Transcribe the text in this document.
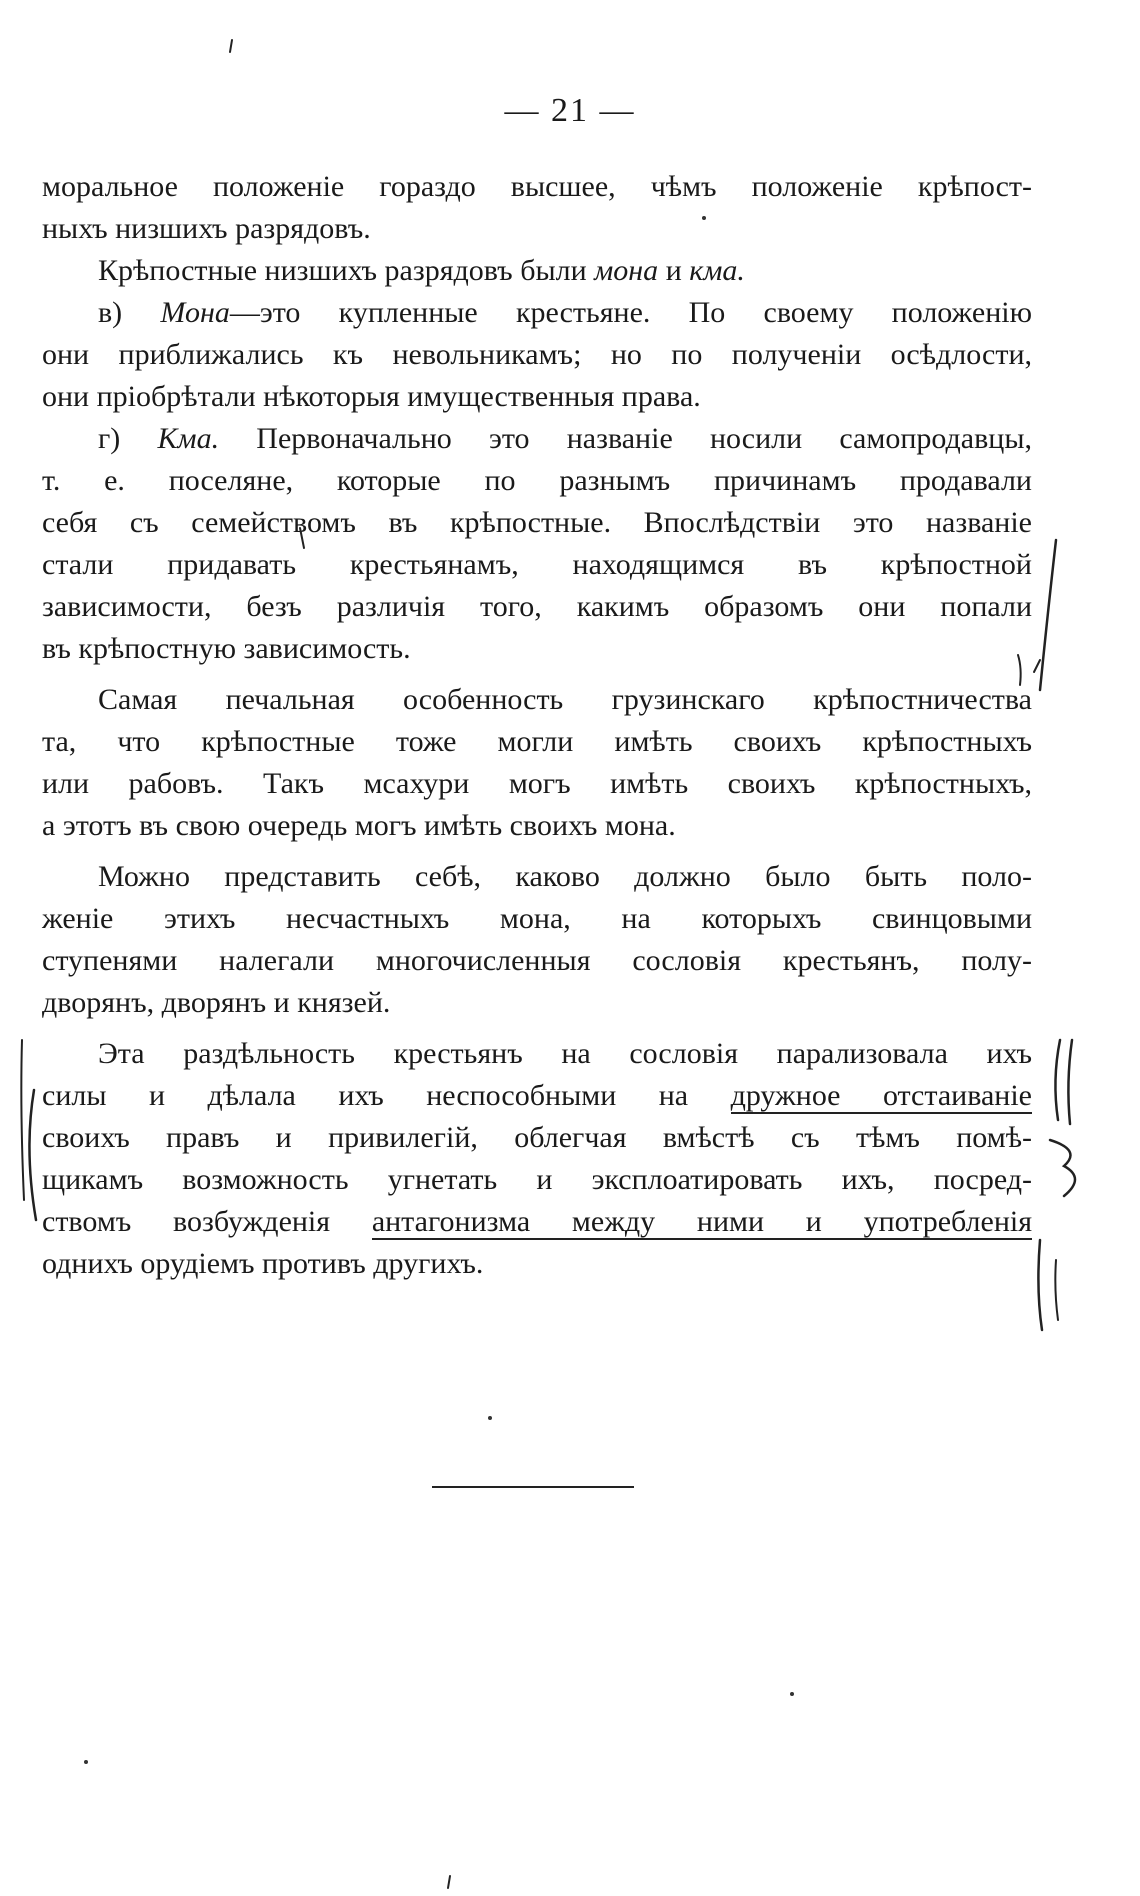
— 21 —
моральное положенie гораздо высшее, чѣмъ положенie крѣпост-
ныхъ низшихъ разрядовъ.
Крѣпостные низшихъ разрядовъ были мона и кма.
в) Мона—это купленные крестьяне. По своему положенiю
они приближались къ невольникамъ; но по полученiи осѣдлости,
они прiобрѣтали нѣкоторыя имущественныя права.
г) Кма. Первоначально это названie носили самопродавцы,
т. е. поселяне, которые по разнымъ причинамъ продавали
себя съ семействомъ въ крѣпостные. Впослѣдствiи это названie
стали придавать крестьянамъ, находящимся въ крѣпостной
зависимости, безъ различiя того, какимъ образомъ они попали
въ крѣпостную зависимость.
Самая печальная особенность грузинскаго крѣпостничества
та, что крѣпостные тоже могли имѣть своихъ крѣпостныхъ
или рабовъ. Такъ мсахури могъ имѣть своихъ крѣпостныхъ,
а этотъ въ свою очередь могъ имѣть своихъ мона.
Можно представить себѣ, каково должно было быть поло-
женie этихъ несчастныхъ мона, на которыхъ свинцовыми
ступенями налегали многочисленныя сословiя крестьянъ, полу-
дворянъ, дворянъ и князей.
Эта раздѣльность крестьянъ на сословiя парализовала ихъ
силы и дѣлала ихъ неспособными на дружное отстаиванie
своихъ правъ и привилегiй, облегчая вмѣстѣ съ тѣмъ помѣ-
щикамъ возможность угнетать и эксплоатировать ихъ, посред-
ствомъ возбужденiя антагонизма между ними и употребленiя
однихъ орудiемъ противъ другихъ.
